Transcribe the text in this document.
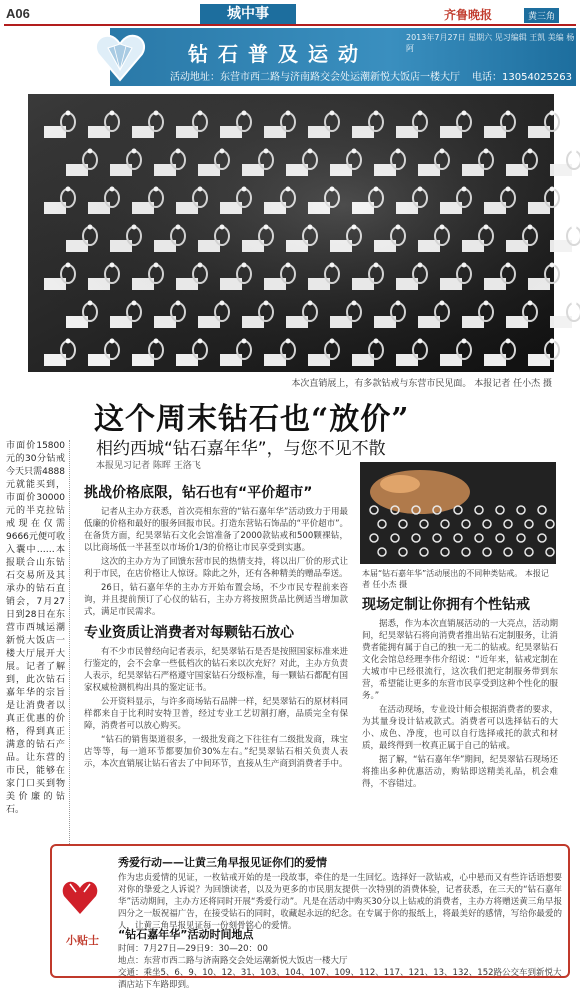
A06	城中事	齐鲁晚报	黄三角
2013年7月27日 星期六 见习编辑 王凯 美编 杨阿
钻石普及运动
活动地址：东营市西二路与济南路交会处运潮新悦大饭店一楼大厅 电话：13054025263
本次直销展上，有多款钻戒与东营市民见面。 本报记者 任小杰 摄
这个周末钻石也“放价”
相约西城“钻石嘉年华”，与您不见不散
本报见习记者 陈晖 王洛飞
市面价15800元的30分钻戒今天只需4888元就能买到，市面价30000元的半克拉钻戒现在仅需9666元便可收入囊中……本报联合山东钻石交易所及其承办的钻石直销会，7月27日到28日在东营市西城运潮新悦大饭店一楼大厅展开大展。记者了解到，此次钻石嘉年华的宗旨是让消费者以真正优惠的价格，得到真正满意的钻石产品。让东营的市民，能够在家门口买到物美价廉的钻石。
挑战价格底限，钻石也有“平价超市”

记者从主办方获悉，首次亮相东营的“钻石嘉年华”活动致力于用最低廉的价格和最好的服务回报市民。打造东营钻石饰品的“平价超市”。在备货方面，纪昊翠钻石文化会馆准备了2000款钻戒和500颗裸钻，以比商场低一半甚至以市场价1/3的价格让市民享受到实惠。

这次的主办方为了回馈东营市民的热情支持，将以出厂价的形式让利于市民，在店价格让人惊讶。除此之外，还有各种精美的赠品奉送。

26日，钻石嘉年华的主办方开始布置会场，不少市民专程前来咨询，并且提前预订了心仪的钻石，主办方将按照货品比例适当增加款式，满足市民需求。

专业资质让消费者对每颗钻石放心

有不少市民曾经向记者表示，纪昊翠钻石是否是按照国家标准来进行鉴定的，会不会拿一些低档次的钻石来以次充好？对此，主办方负责人表示，纪昊翠钻石严格遵守国家钻石分级标准，每一颗钻石都配有国家权威检测机构出具的鉴定证书。

公开资料显示，与许多商场钻石品牌一样，纪昊翠钻石的原材料同样都来自于比利时安特卫普，经过专业工艺切割打磨，品质完全有保障，消费者可以放心购买。

“钻石的销售渠道很多，一级批发商之下往往有二级批发商，珠宝店等等，每一道环节都要加价30%左右。”纪昊翠钻石相关负责人表示，本次直销展让钻石省去了中间环节，直接从生产商到消费者手中。

本届“钻石嘉年华”活动展出的不同种类钻戒。 本报记者 任小杰 摄
现场定制让你拥有个性钻戒

据悉，作为本次直销展活动的一大亮点，活动期间，纪昊翠钻石将向消费者推出钻石定制服务，让消费者能拥有属于自己的独一无二的钻戒。纪昊翠钻石文化会馆总经理李伟介绍说：“近年来，钻戒定制在大城市中已经很流行，这次我们把定制服务带到东营，希望能让更多的东营市民享受到这种个性化的服务。”

在活动现场，专业设计师会根据消费者的要求，为其量身设计钻戒款式。消费者可以选择钻石的大小、成色、净度，也可以自行选择戒托的款式和材质，最终得到一枚真正属于自己的钻戒。

据了解，“钻石嘉年华”期间，纪昊翠钻石现场还将推出多种优惠活动，购钻即送精美礼品，机会难得，不容错过。

小贴士
秀爱行动——让黄三角早报见证你们的爱情
作为忠贞爱情的见证，一枚钻戒开始的是一段故事，牵住的是一生回忆。选择好一款钻戒，心中悬而又有些许话语想要对你的挚爱之人诉说？为回馈读者，以及为更多的市民朋友提供一次特别的消费体验，记者获悉，在三天的“钻石嘉年华”活动期间，主办方还将同时开展“秀爱行动”。凡是在活动中购买30分以上钻戒的消费者，主办方将赠送黄三角早报四分之一版祝福广告，在接受钻石的同时，收藏起永远的纪念。在专属于你的报纸上，将最美好的感情，写给你最爱的人，让黄三角早报见证每一份刻骨铭心的爱情。
“钻石嘉年华”活动时间地点
时间：7月27日—29日9：30—20：00
地点：东营市西二路与济南路交会处运潮新悦大饭店一楼大厅
交通：乘坐5、6、9、10、12、31、103、104、107、109、112、117、121、13、132、152路公交车到新悦大酒店站下车路即到。
